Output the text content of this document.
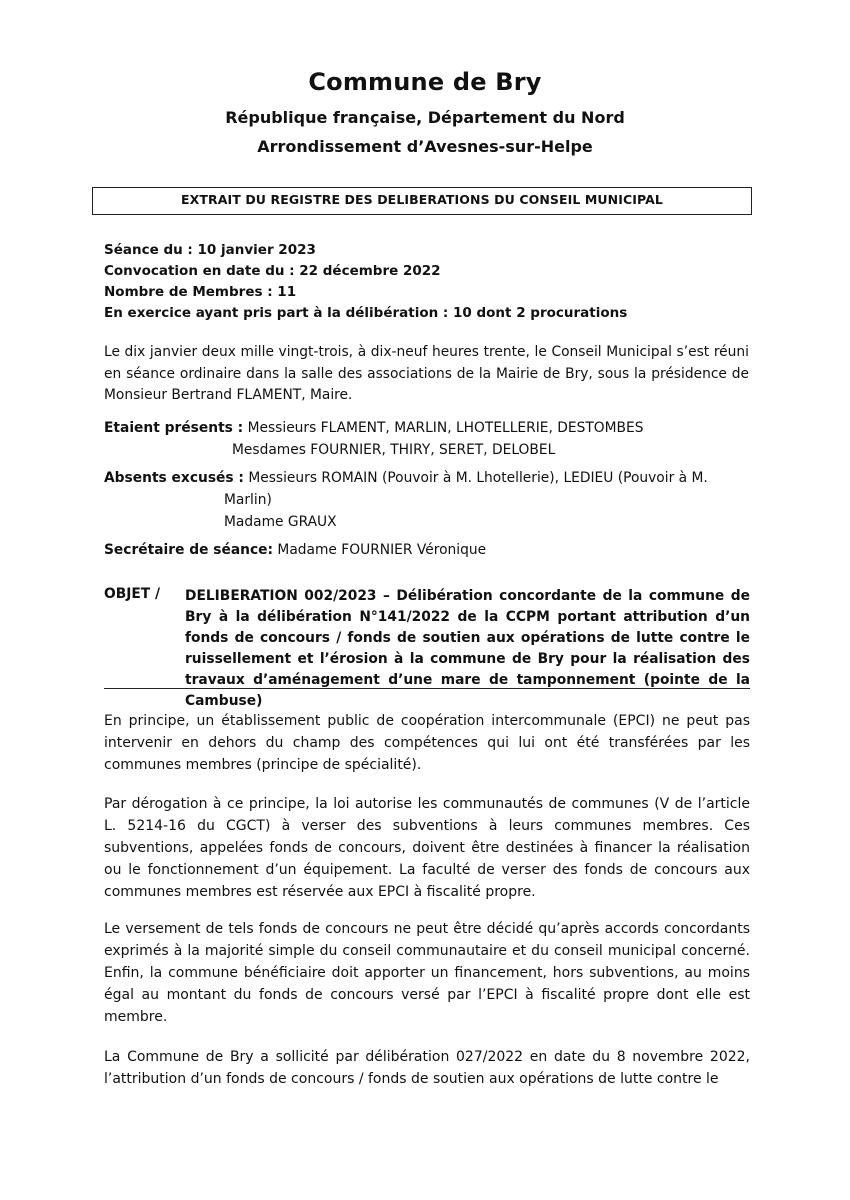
Commune de Bry
République française, Département du Nord
Arrondissement d’Avesnes-sur-Helpe
EXTRAIT DU REGISTRE DES DELIBERATIONS DU CONSEIL MUNICIPAL
Séance du : 10 janvier 2023
Convocation en date du : 22 décembre 2022
Nombre de Membres : 11
En exercice ayant pris part à la délibération : 10 dont 2 procurations
Le dix janvier deux mille vingt-trois, à dix-neuf heures trente, le Conseil Municipal s’est réuni en séance ordinaire dans la salle des associations de la Mairie de Bry, sous la présidence de Monsieur Bertrand FLAMENT, Maire.
Etaient présents : Messieurs FLAMENT, MARLIN, LHOTELLERIE, DESTOMBES
Mesdames FOURNIER, THIRY, SERET, DELOBEL
Absents excusés : Messieurs ROMAIN (Pouvoir à M. Lhotellerie), LEDIEU (Pouvoir à M.
Marlin)
Madame GRAUX
Secrétaire de séance: Madame FOURNIER Véronique
OBJET / DELIBERATION 002/2023 – Délibération concordante de la commune de Bry à la délibération N°141/2022 de la CCPM portant attribution d’un fonds de concours / fonds de soutien aux opérations de lutte contre le ruissellement et l’érosion à la commune de Bry pour la réalisation des travaux d’aménagement d’une mare de tamponnement (pointe de la Cambuse)
En principe, un établissement public de coopération intercommunale (EPCI) ne peut pas intervenir en dehors du champ des compétences qui lui ont été transférées par les communes membres (principe de spécialité).
Par dérogation à ce principe, la loi autorise les communautés de communes (V de l’article L. 5214-16 du CGCT) à verser des subventions à leurs communes membres. Ces subventions, appelées fonds de concours, doivent être destinées à financer la réalisation ou le fonctionnement d’un équipement. La faculté de verser des fonds de concours aux communes membres est réservée aux EPCI à fiscalité propre.
Le versement de tels fonds de concours ne peut être décidé qu’après accords concordants exprimés à la majorité simple du conseil communautaire et du conseil municipal concerné. Enfin, la commune bénéficiaire doit apporter un financement, hors subventions, au moins égal au montant du fonds de concours versé par l’EPCI à fiscalité propre dont elle est membre.
La Commune de Bry a sollicité par délibération 027/2022 en date du 8 novembre 2022, l’attribution d’un fonds de concours / fonds de soutien aux opérations de lutte contre le
